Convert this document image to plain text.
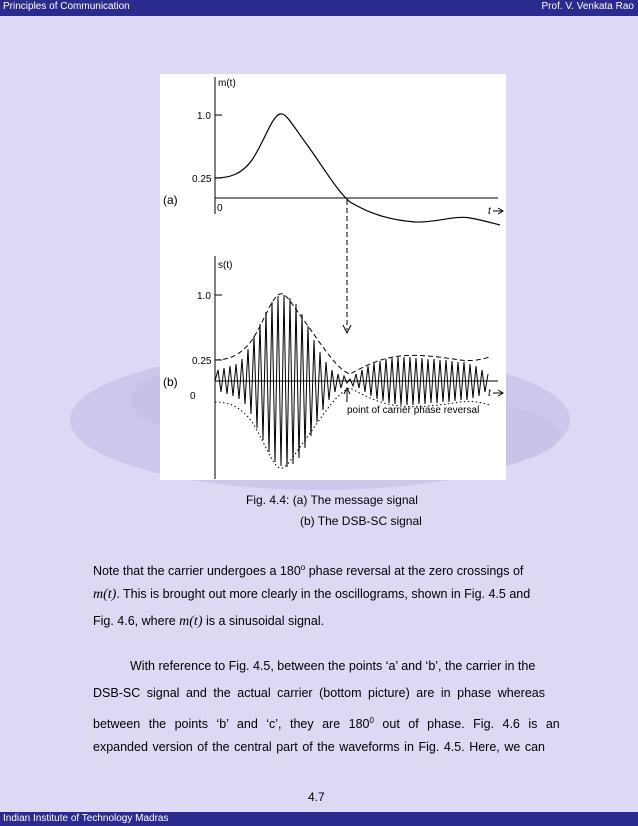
Principles of Communication	Prof. V. Venkata Rao
m(t)
1.0
0.25
(a)
0	t
s(t)
1.0
0.25
(b)
0	t
point of carrier phase reversal
Fig. 4.4: (a) The message signal
(b) The DSB-SC signal
Note that the carrier undergoes a 180$^o$ phase reversal at the zero crossings of
m(t). This is brought out more clearly in the oscillograms, shown in Fig. 4.5 and
Fig. 4.6, where m(t) is a sinusoidal signal.
With reference to Fig. 4.5, between the points ‘a’ and ‘b’, the carrier in the
DSB-SC signal and the actual carrier (bottom picture) are in phase whereas
between the points ‘b’ and ‘c’, they are $180^0$ out of phase. Fig. 4.6 is an
expanded version of the central part of the waveforms in Fig. 4.5. Here, we can
4.7
Indian Institute of Technology Madras
